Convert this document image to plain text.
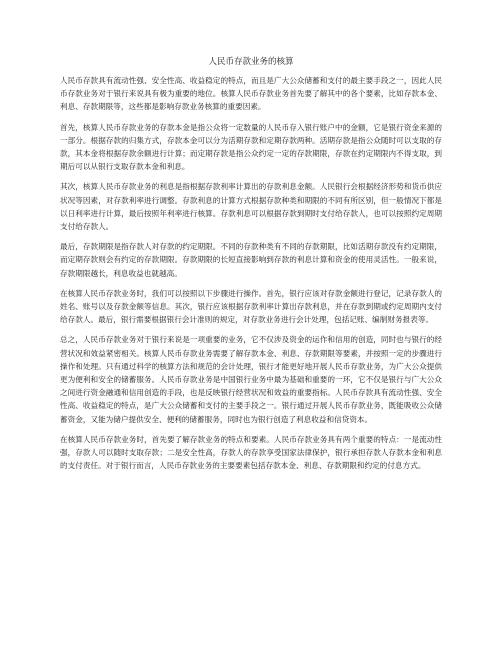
人民币存款业务的核算

人民币存款具有流动性强、安全性高、收益稳定的特点，而且是广大公众储蓄和支付的最主要手段之一，因此人民币存款业务对于银行来说具有极为重要的地位。核算人民币存款业务首先要了解其中的各个要素，比如存款本金、利息、存款期限等，这些都是影响存款业务核算的重要因素。

首先，核算人民币存款业务的存款本金是指公众将一定数量的人民币存入银行账户中的金额，它是银行资金来源的一部分。根据存款的归集方式，存款本金可以分为活期存款和定期存款两种。活期存款是指公众随时可以支取的存款，其本金将根据存款余额进行计算；而定期存款是指公众约定一定的存款期限，存款在约定期限内不得支取，到期后可以从银行支取存款本金和利息。

其次，核算人民币存款业务的利息是指根据存款利率计算出的存款利息金额。人民银行会根据经济形势和货币供应状况等因素，对存款利率进行调整。存款利息的计算方式根据存款种类和期限的不同有所区别，但一般情况下都是以日利率进行计算，最后按照年利率进行核算。存款利息可以根据存款到期时支付给存款人，也可以按照约定周期支付给存款人。

最后，存款期限是指存款人对存款的约定期限。不同的存款种类有不同的存款期限，比如活期存款没有约定期限，而定期存款则会有约定的存款期限。存款期限的长短直接影响到存款的利息计算和资金的使用灵活性。一般来说，存款期限越长，利息收益也就越高。

在核算人民币存款业务时，我们可以按照以下步骤进行操作。首先，银行应该对存款金额进行登记，记录存款人的姓名、账号以及存款金额等信息。其次，银行应该根据存款利率计算出存款利息，并在存款到期或约定周期内支付给存款人。最后，银行需要根据银行会计准则的规定，对存款业务进行会计处理，包括记账、编制财务报表等。

总之，人民币存款业务对于银行来说是一项重要的业务，它不仅涉及资金的运作和信用的创造，同时也与银行的经营状况和效益紧密相关。核算人民币存款业务需要了解存款本金、利息、存款期限等要素，并按照一定的步骤进行操作和处理。只有通过科学的核算方法和规范的会计处理，银行才能更好地开展人民币存款业务，为广大公众提供更为便利和安全的储蓄服务。人民币存款业务是中国银行业务中最为基础和重要的一环，它不仅是银行与广大公众之间进行资金融通和信用创造的手段，也是反映银行经营状况和效益的重要指标。人民币存款具有流动性强、安全性高、收益稳定的特点，是广大公众储蓄和支付的主要手段之一。银行通过开展人民币存款业务，既能吸收公众储蓄资金，又能为储户提供安全、便利的储蓄服务，同时也为银行创造了利息收益和信贷资本。

在核算人民币存款业务时，首先要了解存款业务的特点和要素。人民币存款业务具有两个重要的特点：一是流动性强，存款人可以随时支取存款；二是安全性高，存款人的存款享受国家法律保护，银行承担存款人存款本金和利息的支付责任。对于银行而言，人民币存款业务的主要要素包括存款本金、利息、存款期限和约定的付息方式。
